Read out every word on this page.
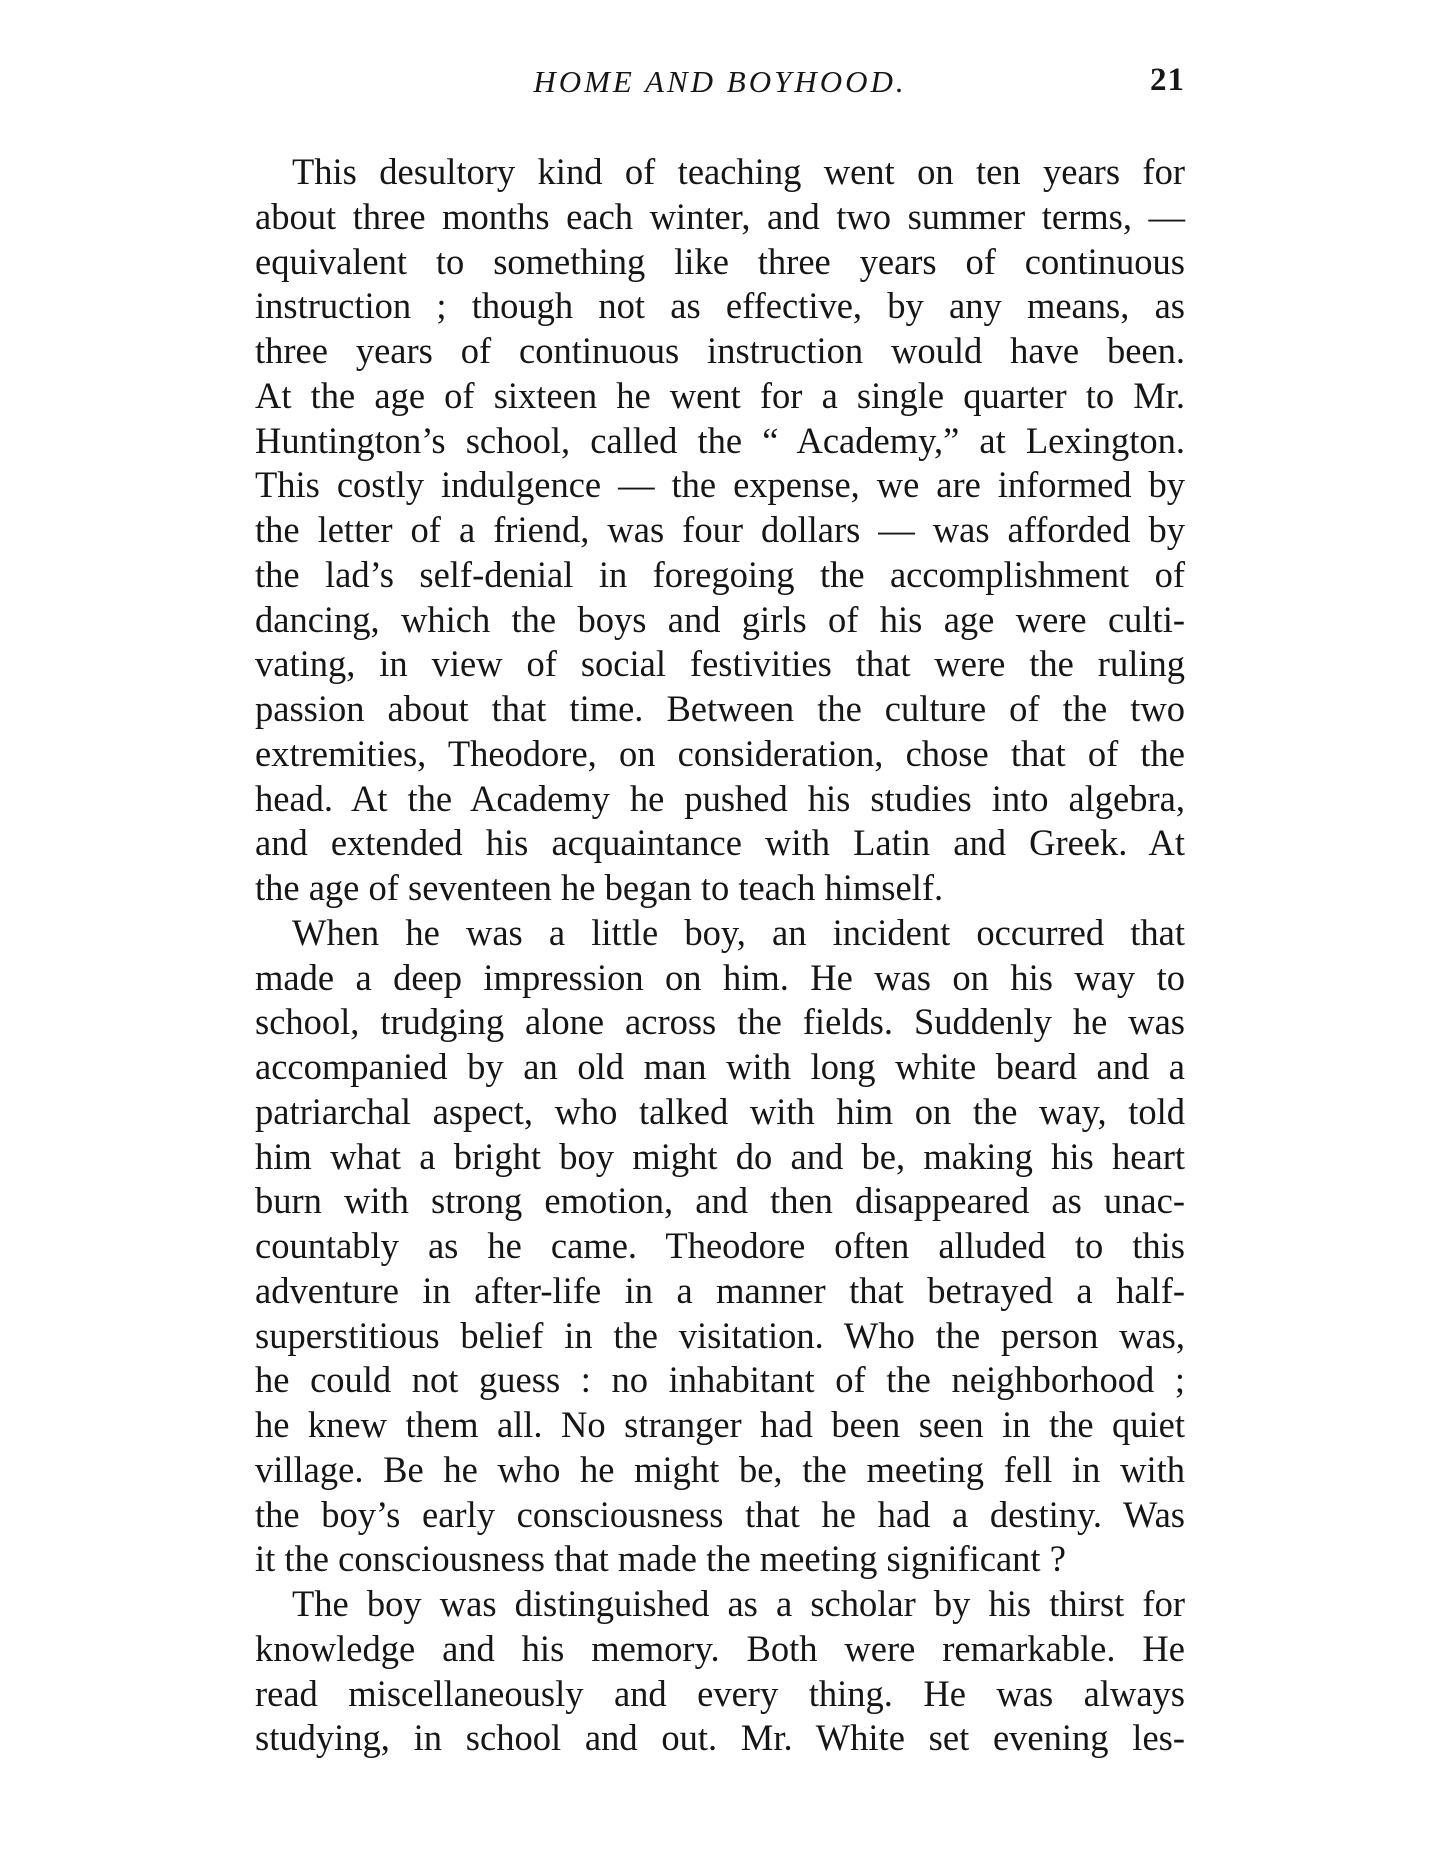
HOME AND BOYHOOD.	21
This desultory kind of teaching went on ten years for
about three months each winter, and two summer terms, —
equivalent to something like three years of continuous
instruction ; though not as effective, by any means, as
three years of continuous instruction would have been.
At the age of sixteen he went for a single quarter to Mr.
Huntington’s school, called the “ Academy,” at Lexington.
This costly indulgence — the expense, we are informed by
the letter of a friend, was four dollars — was afforded by
the lad’s self-denial in foregoing the accomplishment of
dancing, which the boys and girls of his age were culti-
vating, in view of social festivities that were the ruling
passion about that time. Between the culture of the two
extremities, Theodore, on consideration, chose that of the
head. At the Academy he pushed his studies into algebra,
and extended his acquaintance with Latin and Greek. At
the age of seventeen he began to teach himself.
When he was a little boy, an incident occurred that
made a deep impression on him. He was on his way to
school, trudging alone across the fields. Suddenly he was
accompanied by an old man with long white beard and a
patriarchal aspect, who talked with him on the way, told
him what a bright boy might do and be, making his heart
burn with strong emotion, and then disappeared as unac-
countably as he came. Theodore often alluded to this
adventure in after-life in a manner that betrayed a half-
superstitious belief in the visitation. Who the person was,
he could not guess : no inhabitant of the neighborhood ;
he knew them all. No stranger had been seen in the quiet
village. Be he who he might be, the meeting fell in with
the boy’s early consciousness that he had a destiny. Was
it the consciousness that made the meeting significant ?
The boy was distinguished as a scholar by his thirst for
knowledge and his memory. Both were remarkable. He
read miscellaneously and every thing. He was always
studying, in school and out. Mr. White set evening les-
